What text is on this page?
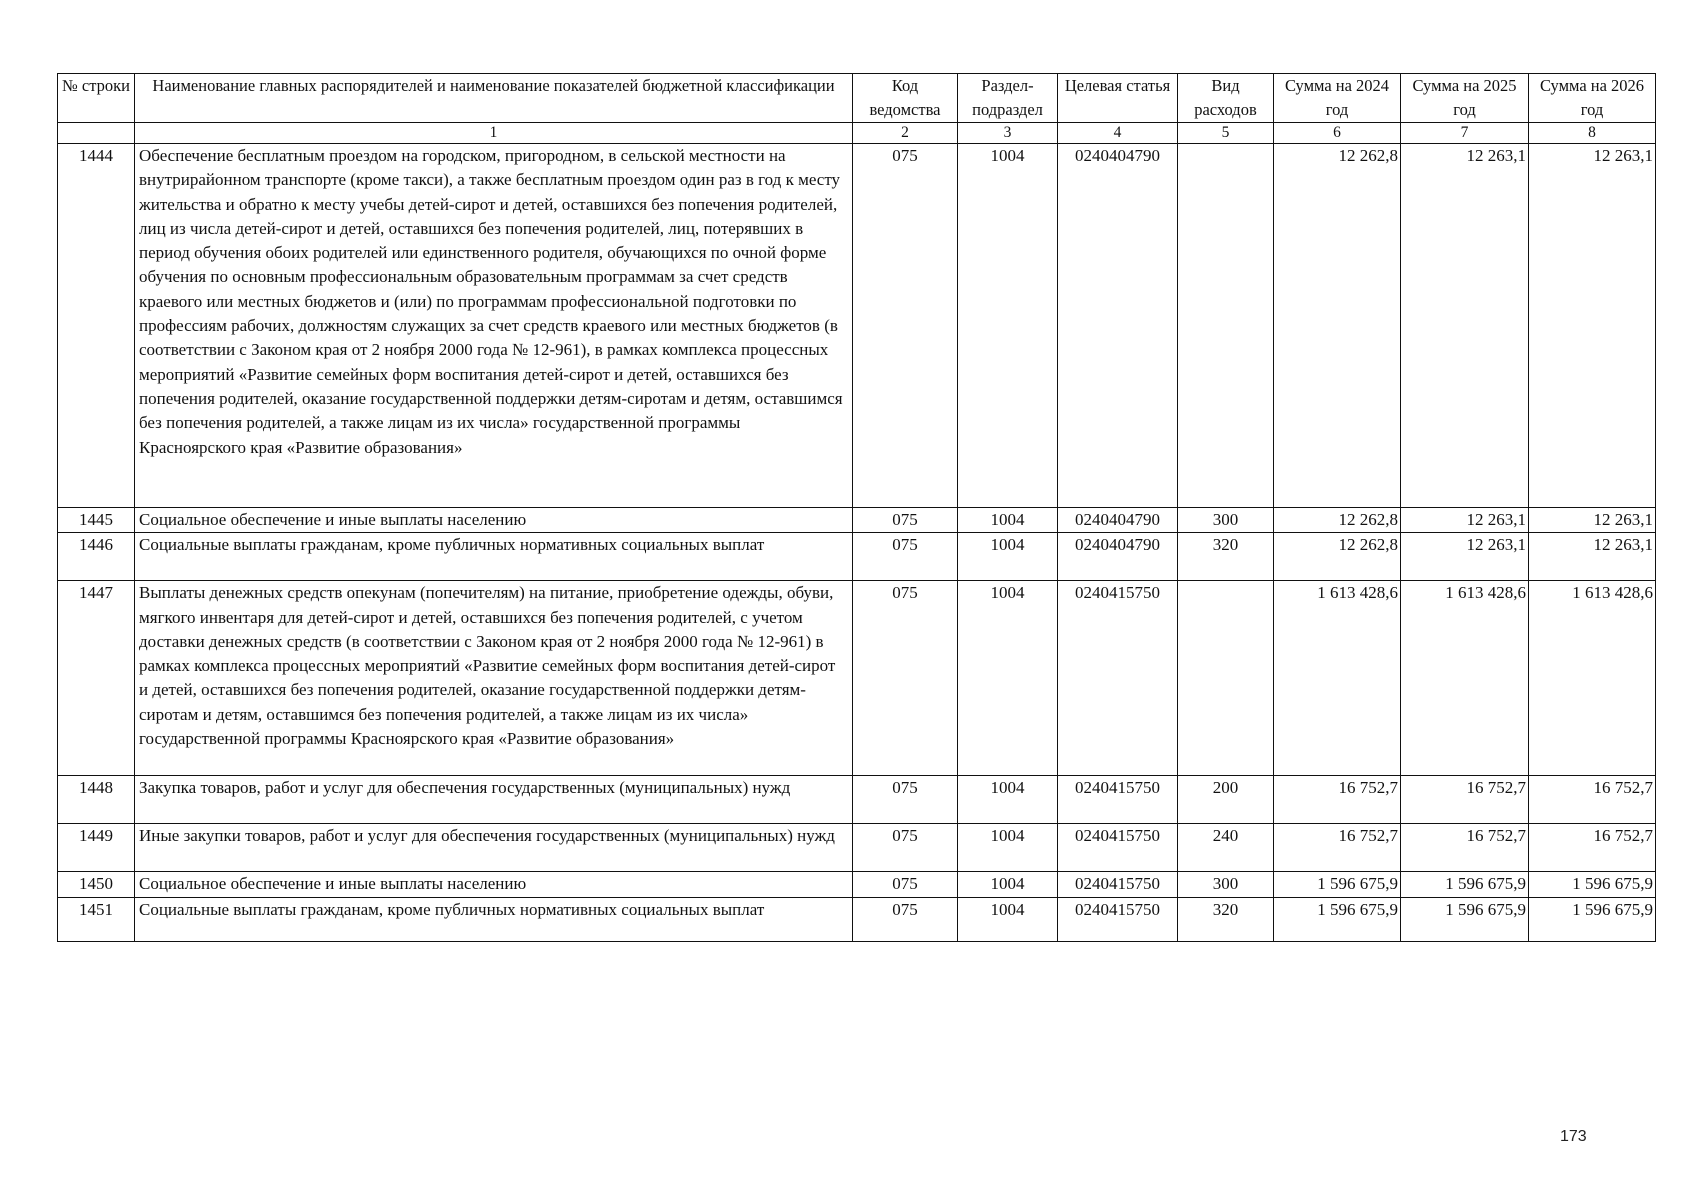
№ строки	Наименование главных распорядителей и наименование показателей бюджетной классификации	Код ведомства	Раздел-подраздел	Целевая статья	Вид расходов	Сумма на 2024 год	Сумма на 2025 год	Сумма на 2026 год
	1	2	3	4	5	6	7	8
1444	Обеспечение бесплатным проездом на городском, пригородном, в сельской местности на внутрирайонном транспорте (кроме такси), а также бесплатным проездом один раз в год к месту жительства и обратно к месту учебы детей-сирот и детей, оставшихся без попечения родителей, лиц из числа детей-сирот и детей, оставшихся без попечения родителей, лиц, потерявших в период обучения обоих родителей или единственного родителя, обучающихся по очной форме обучения по основным профессиональным образовательным программам за счет средств краевого или местных бюджетов и (или) по программам профессиональной подготовки по профессиям рабочих, должностям служащих за счет средств краевого или местных бюджетов (в соответствии с Законом края от 2 ноября 2000 года № 12-961), в рамках комплекса процессных мероприятий «Развитие семейных форм воспитания детей-сирот и детей, оставшихся без попечения родителей, оказание государственной поддержки детям-сиротам и детям, оставшимся без попечения родителей, а также лицам из их числа» государственной программы Красноярского края «Развитие образования»	075	1004	0240404790		12 262,8	12 263,1	12 263,1
1445	Социальное обеспечение и иные выплаты населению	075	1004	0240404790	300	12 262,8	12 263,1	12 263,1
1446	Социальные выплаты гражданам, кроме публичных нормативных социальных выплат	075	1004	0240404790	320	12 262,8	12 263,1	12 263,1
1447	Выплаты денежных средств опекунам (попечителям) на питание, приобретение одежды, обуви, мягкого инвентаря для детей-сирот и детей, оставшихся без попечения родителей, с учетом доставки денежных средств (в соответствии с Законом края от 2 ноября 2000 года № 12-961) в рамках комплекса процессных мероприятий «Развитие семейных форм воспитания детей-сирот и детей, оставшихся без попечения родителей, оказание государственной поддержки детям-сиротам и детям, оставшимся без попечения родителей, а также лицам из их числа» государственной программы Красноярского края «Развитие образования»	075	1004	0240415750		1 613 428,6	1 613 428,6	1 613 428,6
1448	Закупка товаров, работ и услуг для обеспечения государственных (муниципальных) нужд	075	1004	0240415750	200	16 752,7	16 752,7	16 752,7
1449	Иные закупки товаров, работ и услуг для обеспечения государственных (муниципальных) нужд	075	1004	0240415750	240	16 752,7	16 752,7	16 752,7
1450	Социальное обеспечение и иные выплаты населению	075	1004	0240415750	300	1 596 675,9	1 596 675,9	1 596 675,9
1451	Социальные выплаты гражданам, кроме публичных нормативных социальных выплат	075	1004	0240415750	320	1 596 675,9	1 596 675,9	1 596 675,9
173
